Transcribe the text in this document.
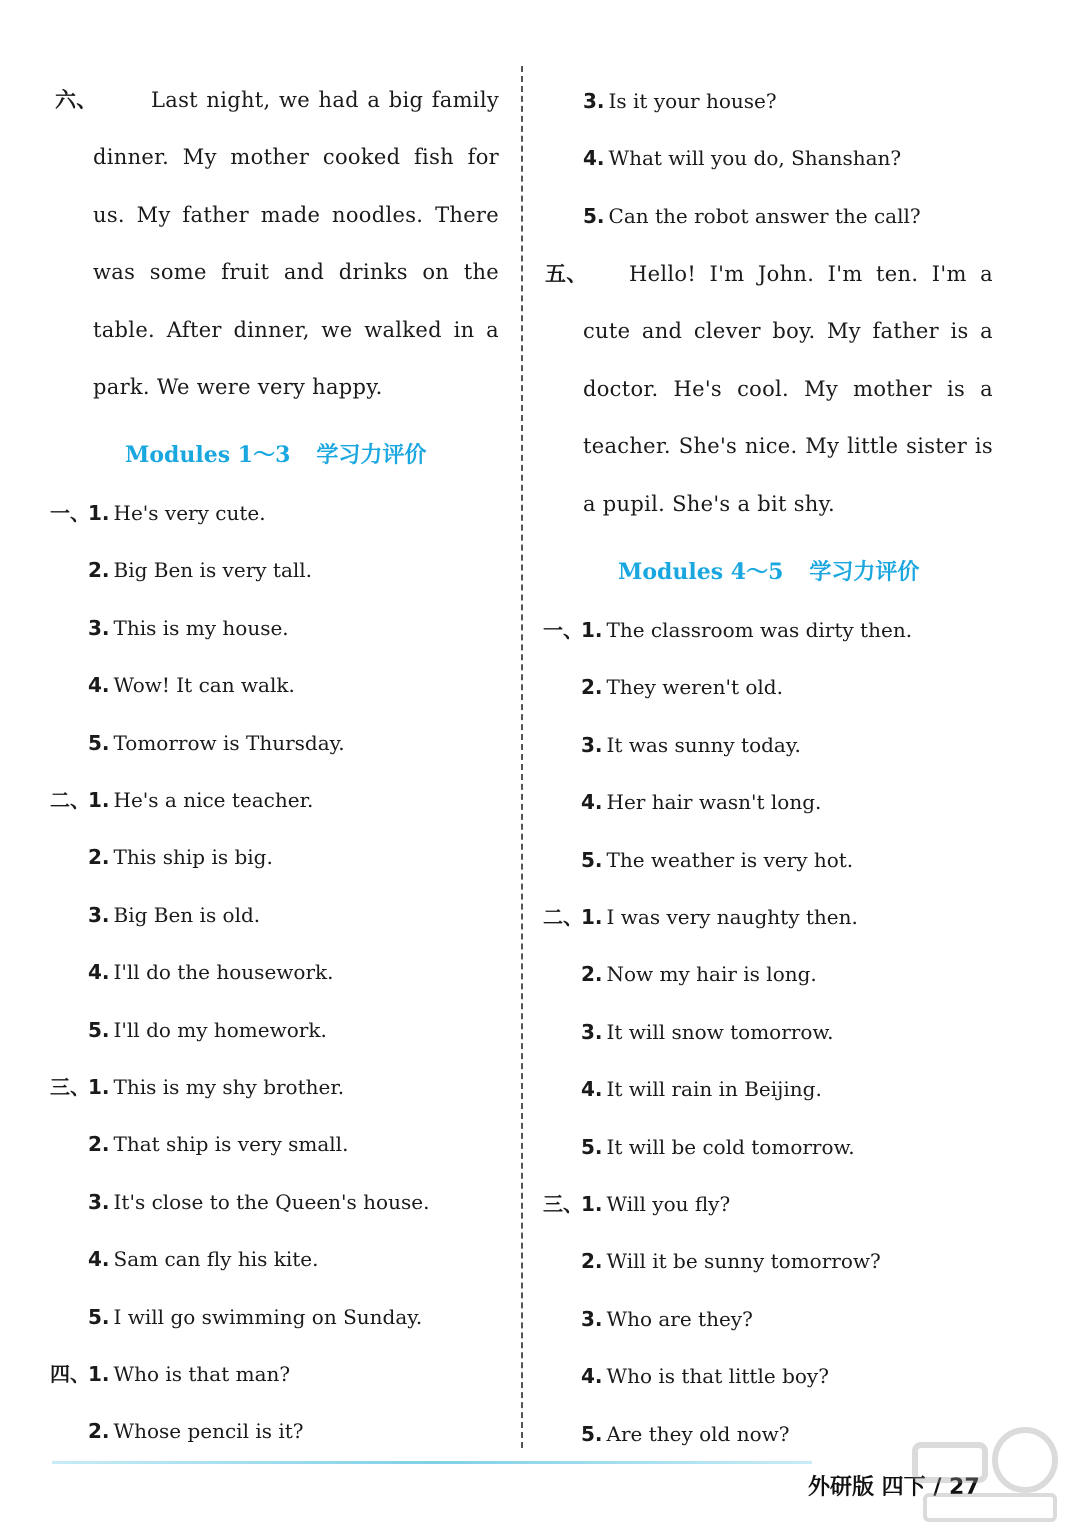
六、	Last night, we had a big family dinner. My mother cooked fish for us. My father made noodles. There was some fruit and drinks on the table. After dinner, we walked in a park. We were very happy.
Modules 1～3 学习力评价
一、
1. He's very cute.
2. Big Ben is very tall.
3. This is my house.
4. Wow! It can walk.
5. Tomorrow is Thursday.
二、
1. He's a nice teacher.
2. This ship is big.
3. Big Ben is old.
4. I'll do the housework.
5. I'll do my homework.
三、
1. This is my shy brother.
2. That ship is very small.
3. It's close to the Queen's house.
4. Sam can fly his kite.
5. I will go swimming on Sunday.
四、
1. Who is that man?
2. Whose pencil is it?
3. Is it your house?
4. What will you do, Shanshan?
5. Can the robot answer the call?
五、 Hello! I'm John. I'm ten. I'm a cute and clever boy. My father is a doctor. He's cool. My mother is a teacher. She's nice. My little sister is a pupil. She's a bit shy.
Modules 4～5 学习力评价
一、
1. The classroom was dirty then.
2. They weren't old.
3. It was sunny today.
4. Her hair wasn't long.
5. The weather is very hot.
二、
1. I was very naughty then.
2. Now my hair is long.
3. It will snow tomorrow.
4. It will rain in Beijing.
5. It will be cold tomorrow.
三、
1. Will you fly?
2. Will it be sunny tomorrow?
3. Who are they?
4. Who is that little boy?
5. Are they old now?
外研版 四下 / 27
